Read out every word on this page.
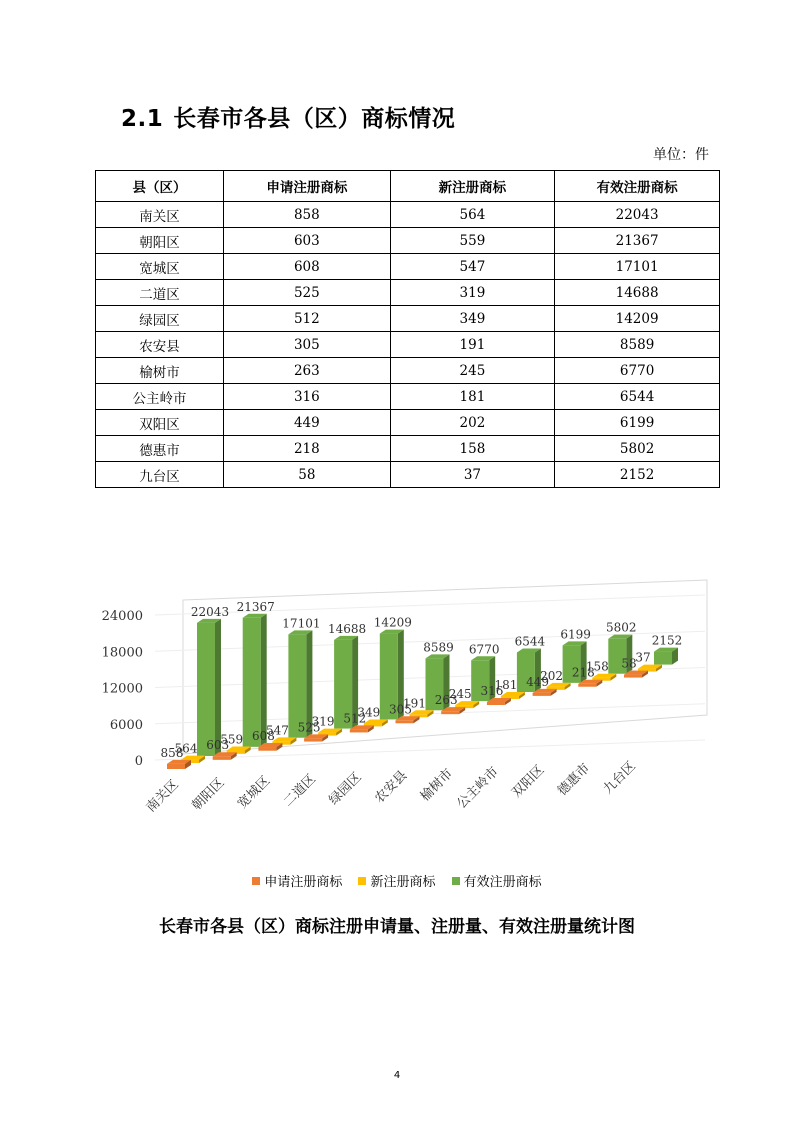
2.1 长春市各县（区）商标情况
单位：件
县（区）	申请注册商标	新注册商标	有效注册商标
南关区	858	564	22043
朝阳区	603	559	21367
宽城区	608	547	17101
二道区	525	319	14688
绿园区	512	349	14209
农安县	305	191	8589
榆树市	263	245	6770
公主岭市	316	181	6544
双阳区	449	202	6199
德惠市	218	158	5802
九台区	58	37	2152
0
6000
12000
18000
24000	22043 21367
17101 14688 14209
8589 6770
6544
6199 5802
2152
564
559
547
319
349
191
245
181
202
158
37
858
603
608
525
512
305
263
316
449
218
58
南关区 朝阳区 宽城区 二道区 绿园区 农安县 榆树市
公主岭市 双阳区 德惠市 九台区
申请注册商标 新注册商标 有效注册商标
长春市各县（区）商标注册申请量、注册量、有效注册量统计图
4
